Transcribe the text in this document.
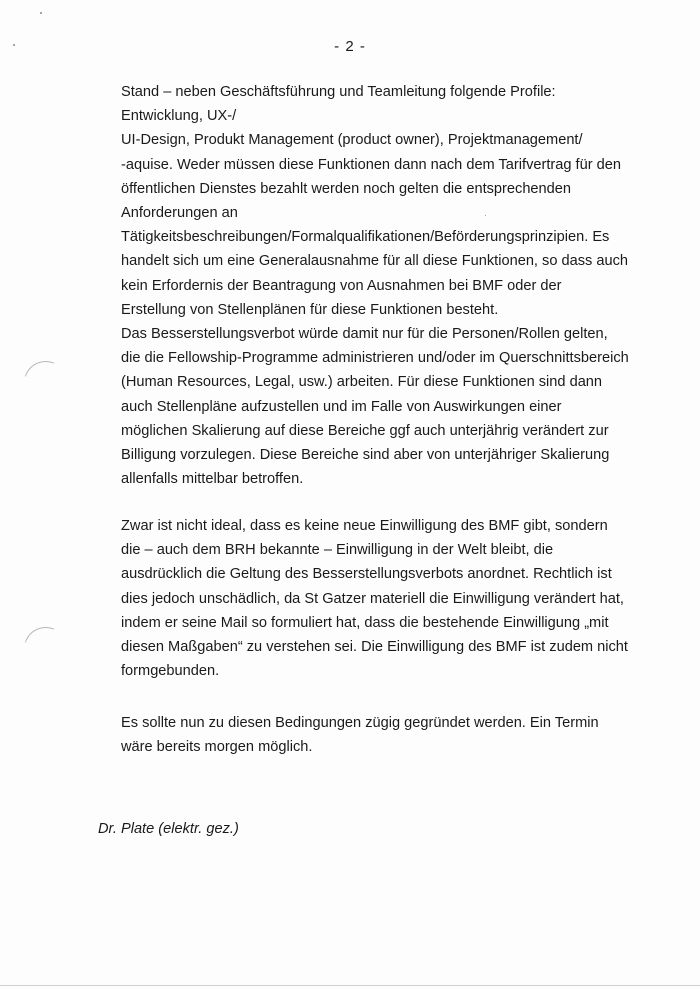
- 2 -
Stand – neben Geschäftsführung und Teamleitung folgende Profile:
Entwicklung, UX-/
UI-Design, Produkt Management (product owner), Projektmanagement/
-aquise. Weder müssen diese Funktionen dann nach dem Tarifvertrag für den
öffentlichen Dienstes bezahlt werden noch gelten die entsprechenden
Anforderungen an
Tätigkeitsbeschreibungen/Formalqualifikationen/Beförderungsprinzipien. Es
handelt sich um eine Generalausnahme für all diese Funktionen, so dass auch
kein Erfordernis der Beantragung von Ausnahmen bei BMF oder der
Erstellung von Stellenplänen für diese Funktionen besteht.
Das Besserstellungsverbot würde damit nur für die Personen/Rollen gelten,
die die Fellowship-Programme administrieren und/oder im Querschnittsbereich
(Human Resources, Legal, usw.) arbeiten. Für diese Funktionen sind dann
auch Stellenpläne aufzustellen und im Falle von Auswirkungen einer
möglichen Skalierung auf diese Bereiche ggf auch unterjährig verändert zur
Billigung vorzulegen. Diese Bereiche sind aber von unterjähriger Skalierung
allenfalls mittelbar betroffen.
Zwar ist nicht ideal, dass es keine neue Einwilligung des BMF gibt, sondern
die – auch dem BRH bekannte – Einwilligung in der Welt bleibt, die
ausdrücklich die Geltung des Besserstellungsverbots anordnet. Rechtlich ist
dies jedoch unschädlich, da St Gatzer materiell die Einwilligung verändert hat,
indem er seine Mail so formuliert hat, dass die bestehende Einwilligung „mit
diesen Maßgaben“ zu verstehen sei. Die Einwilligung des BMF ist zudem nicht
formgebunden.
Es sollte nun zu diesen Bedingungen zügig gegründet werden. Ein Termin
wäre bereits morgen möglich.
Dr. Plate (elektr. gez.)
